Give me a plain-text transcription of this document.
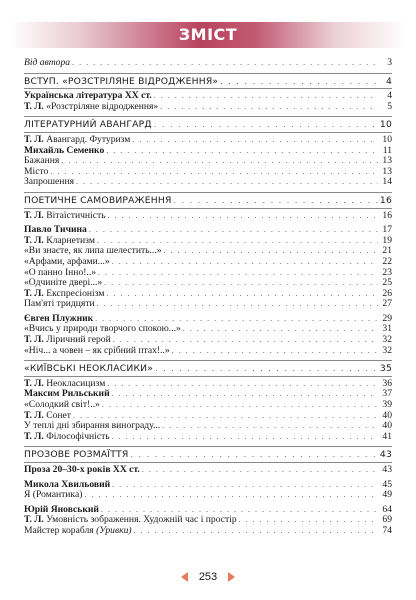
ЗМІСТ
Від автора . . .	3
ВСТУП. «РОЗСТРІЛЯНЕ ВІДРОДЖЕННЯ» . . .	4
Українська література XX ст. . . .	4
Т. Л. «Розстріляне відродження» . . .	5
ЛІТЕРАТУРНИЙ АВАНГАРД . . .	10
Т. Л. Авангард. Футуризм . . .	10
Михайль Семенко . . .	11
Бажання . . .	13
Місто . . .	13
Запрошення . . .	14
ПОЕТИЧНЕ САМОВИРАЖЕННЯ . . .	16
Т. Л. Вітаїстичність . . .	16
Павло Тичина . . .	17
Т. Л. Кларнетизм . . .	19
«Ви знаєте, як липа шелестить...» . . .	21
«Арфами, арфами...» . . .	22
«О панно Інно!..» . . .	23
«Одчиніте двері...» . . .	25
Т. Л. Експресіонізм . . .	26
Пам'яті тридцяти . . .	27
Євген Плужник . . .	29
«Вчись у природи творчого спокою...» . . .	31
Т. Л. Ліричний герой . . .	32
«Ніч... а човен – як срібний птах!..» . . .	32
«КИЇВСЬКІ НЕОКЛАСИКИ» . . .	35
Т. Л. Неокласицизм . . .	36
Максим Рильський . . .	37
«Солодкий світ!..» . . .	39
Т. Л. Сонет . . .	40
У теплі дні збирання винограду... . . .	40
Т. Л. Філософічність . . .	41
ПРОЗОВЕ РОЗМАЇТТЯ . . .	43
Проза 20–30-х років XX ст. . . .	43
Микола Хвильовий . . .	45
Я (Романтика) . . .	49
Юрій Яновський . . .	64
Т. Л. Умовність зображення. Художній час і простір . . .	69
Майстер корабля (Уривки) . . .	74
253
